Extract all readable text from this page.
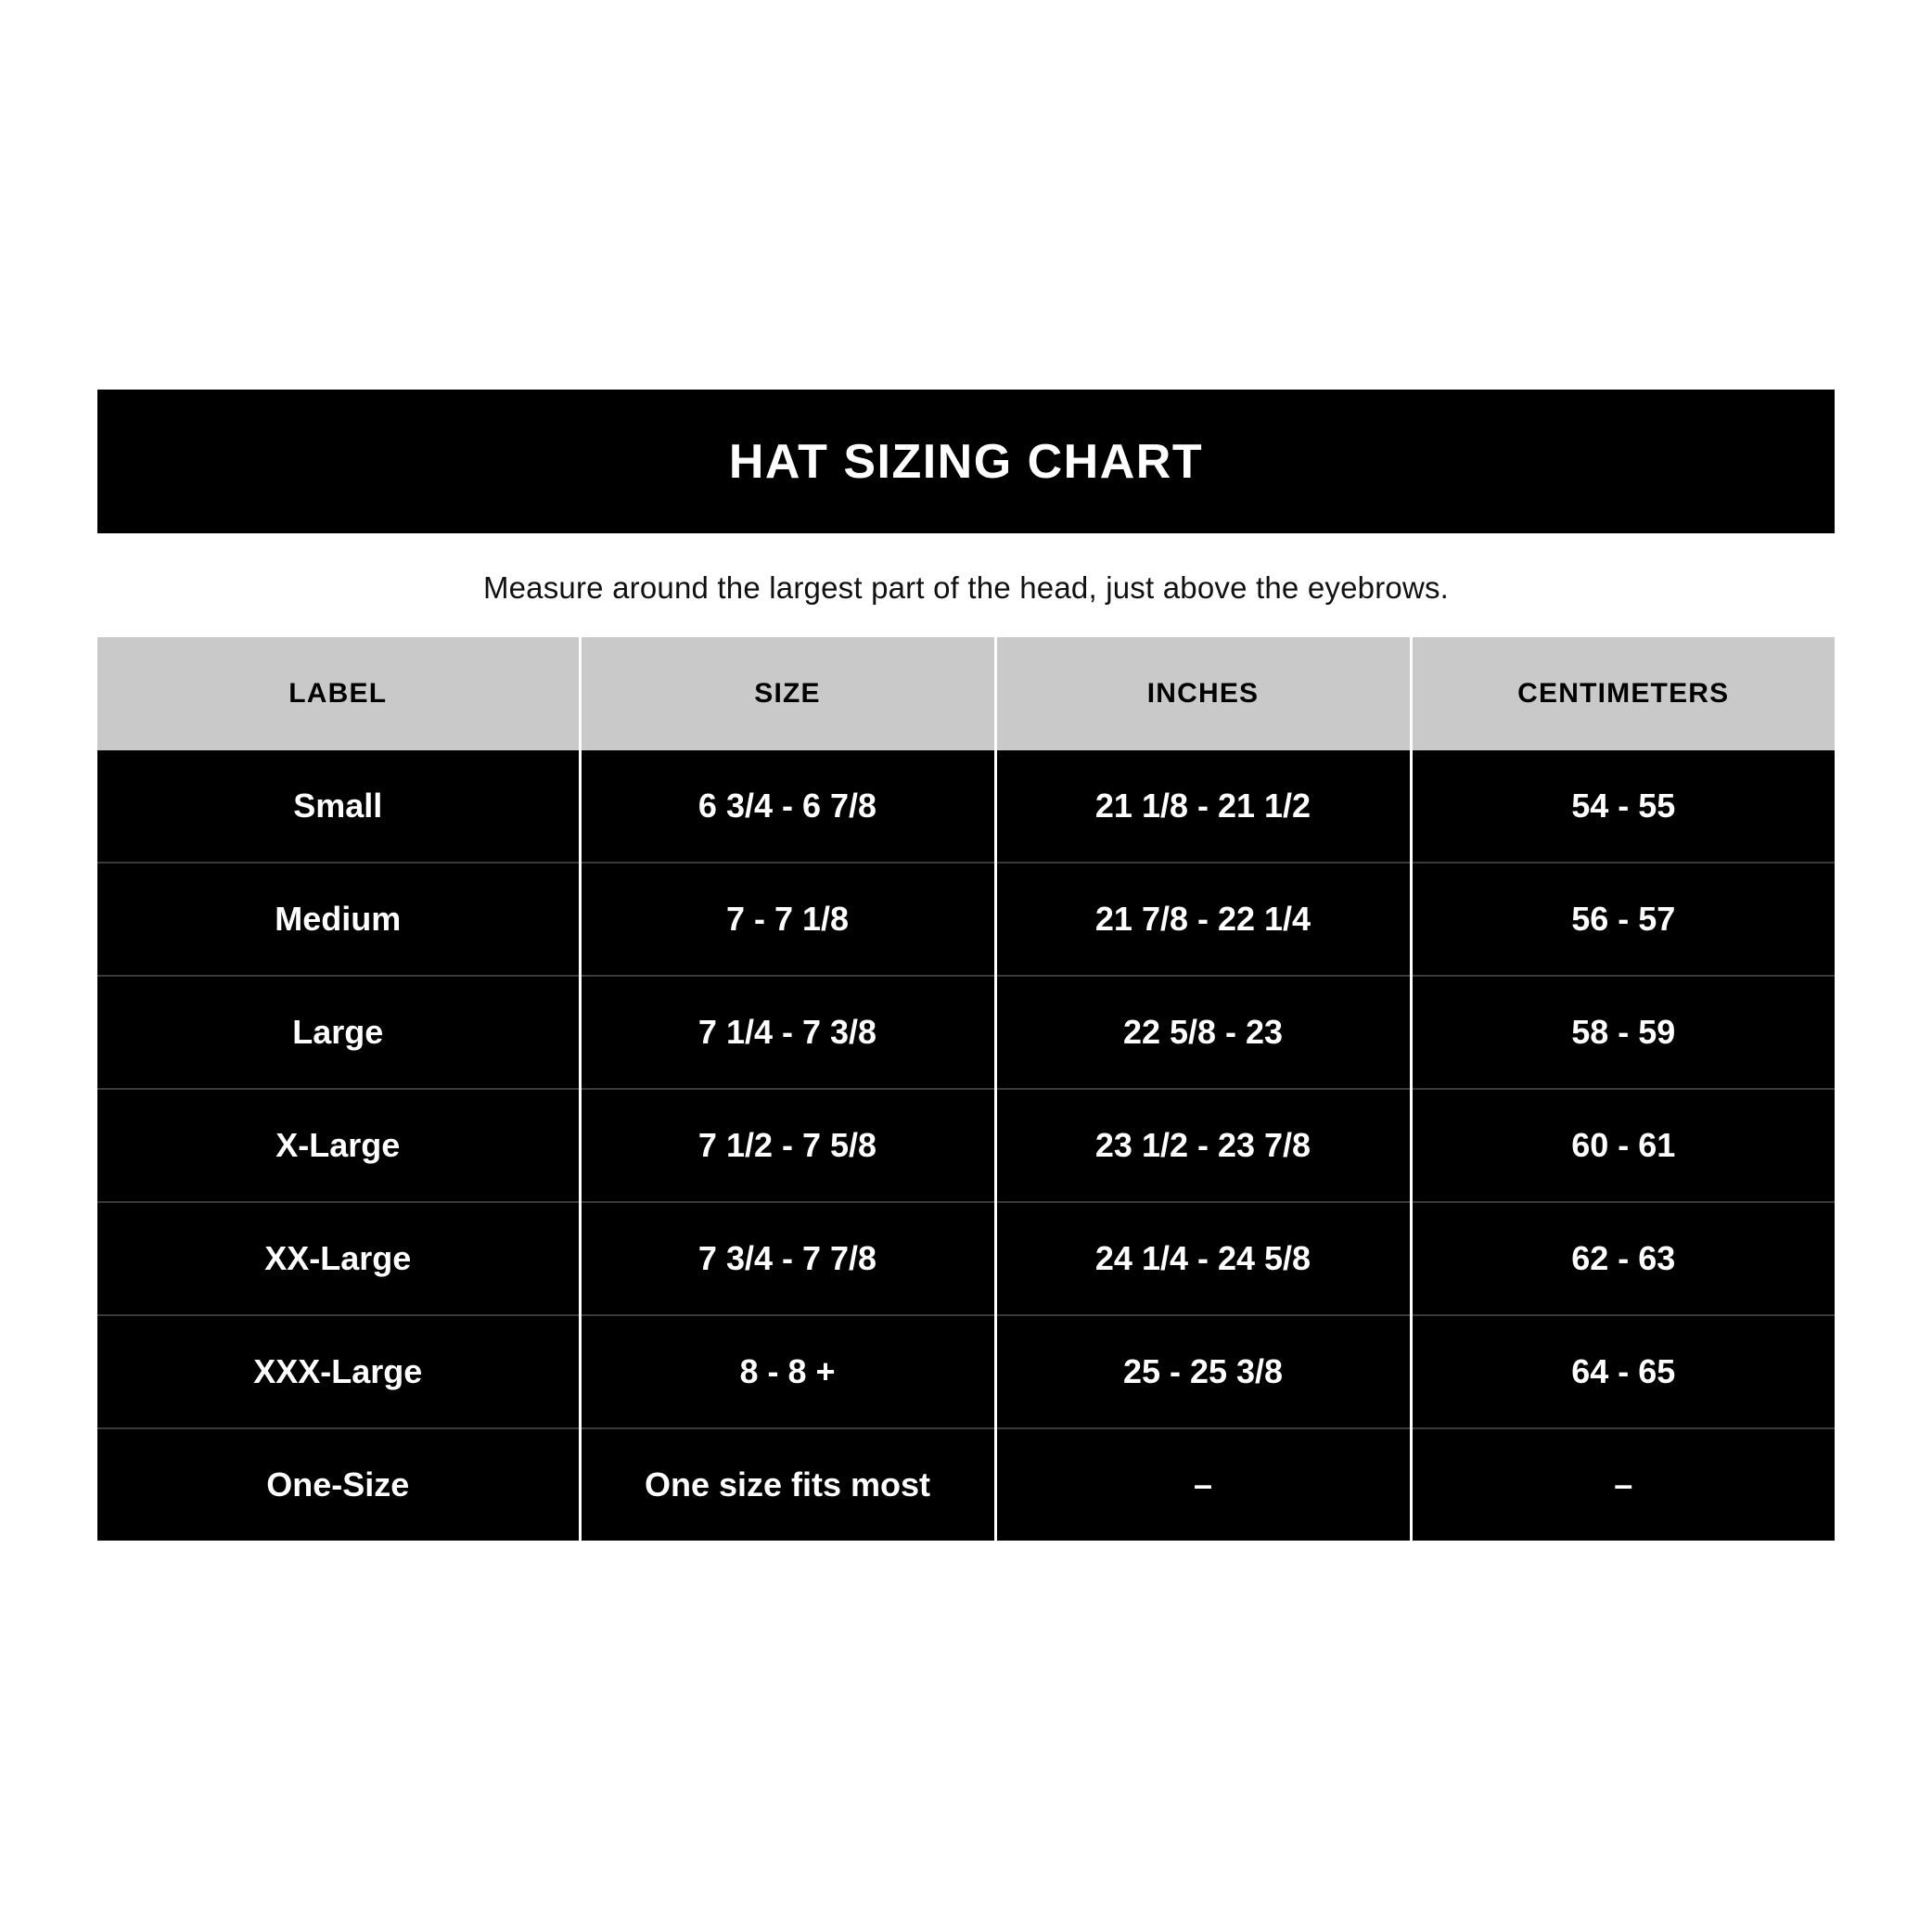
HAT SIZING CHART
Measure around the largest part of the head, just above the eyebrows.
LABEL	SIZE	INCHES	CENTIMETERS
Small	6 3/4 - 6 7/8	21 1/8 - 21 1/2	54 - 55
Medium	7 - 7 1/8	21 7/8 - 22 1/4	56 - 57
Large	7 1/4 - 7 3/8	22 5/8 - 23	58 - 59
X-Large	7 1/2 - 7 5/8	23 1/2 - 23 7/8	60 - 61
XX-Large	7 3/4 - 7 7/8	24 1/4 - 24 5/8	62 - 63
XXX-Large	8 - 8 +	25 - 25 3/8	64 - 65
One-Size	One size fits most	–	–
